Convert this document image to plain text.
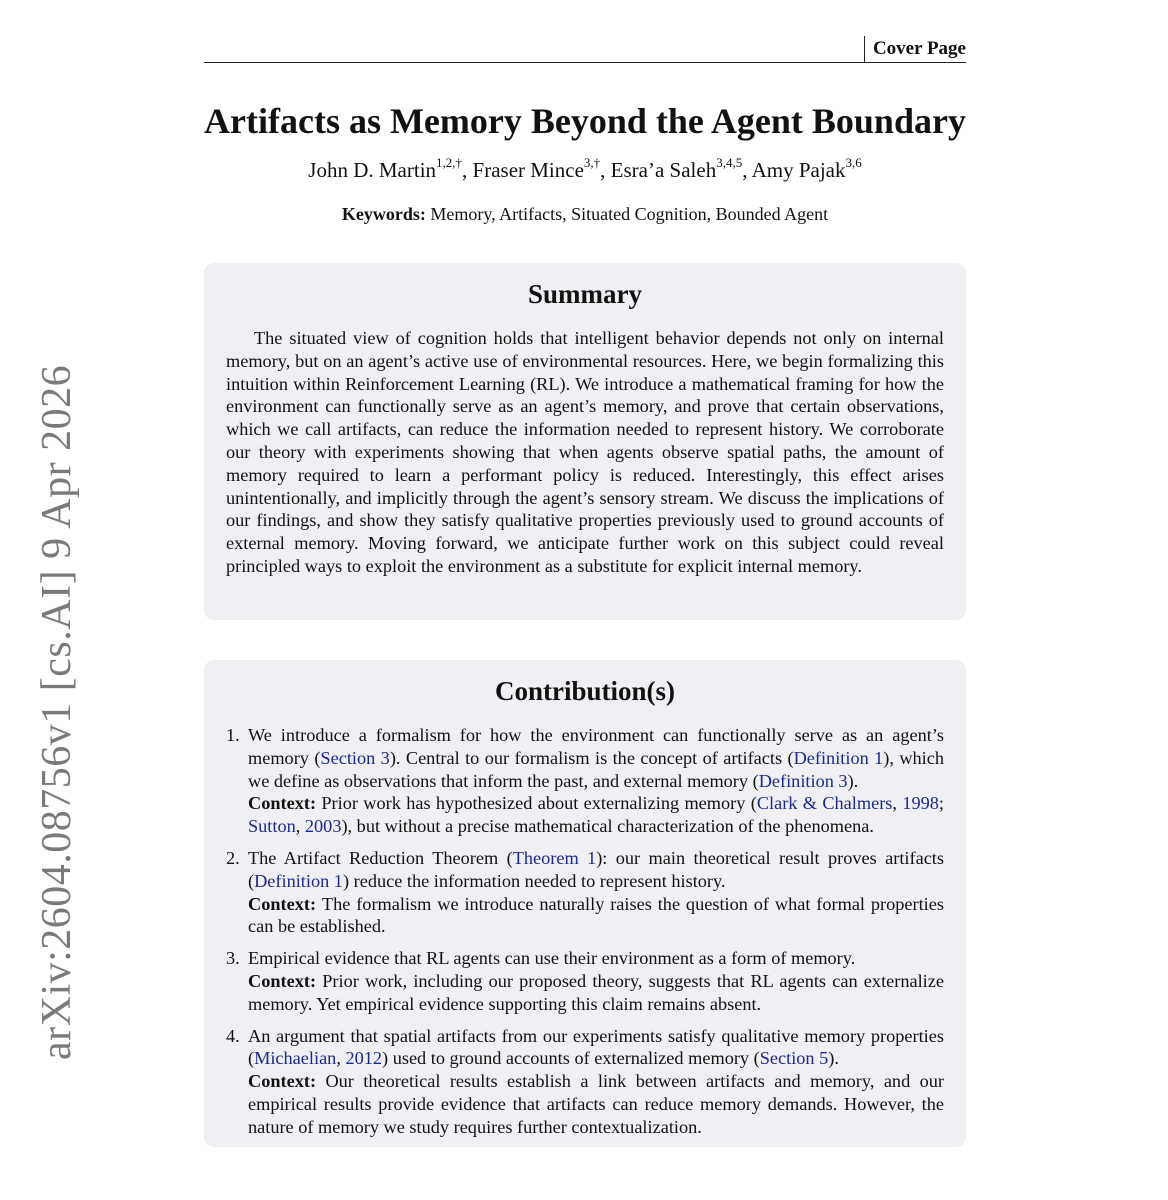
Cover Page
arXiv:2604.08756v1 [cs.AI] 9 Apr 2026
Artifacts as Memory Beyond the Agent Boundary
John D. Martin$^{1,2,\dagger}$, Fraser Mince$^{3,\dagger}$, Esra’a Saleh$^{3,4,5}$, Amy Pajak$^{3,6}$
Keywords: Memory, Artifacts, Situated Cognition, Bounded Agent
Summary

The situated view of cognition holds that intelligent behavior depends not only on internal memory, but on an agent’s active use of environmental resources. Here, we begin formalizing this intuition within Reinforcement Learning (RL). We introduce a mathematical framing for how the environment can functionally serve as an agent’s memory, and prove that certain observations, which we call artifacts, can reduce the information needed to represent history. We corroborate our theory with experiments showing that when agents observe spatial paths, the amount of memory required to learn a performant policy is reduced. Interestingly, this effect arises unintentionally, and implicitly through the agent’s sensory stream. We discuss the implications of our findings, and show they satisfy qualitative properties previously used to ground accounts of external memory. Moving forward, we anticipate further work on this subject could reveal principled ways to exploit the environment as a substitute for explicit internal memory.

Contribution(s)
1. We introduce a formalism for how the environment can functionally serve as an agent’s memory (Section 3). Central to our formalism is the concept of artifacts (Definition 1), which we define as observations that inform the past, and external memory (Definition 3).
Context: Prior work has hypothesized about externalizing memory (Clark & Chalmers, 1998; Sutton, 2003), but without a precise mathematical characterization of the phenomena.
2. The Artifact Reduction Theorem (Theorem 1): our main theoretical result proves artifacts (Definition 1) reduce the information needed to represent history.
Context: The formalism we introduce naturally raises the question of what formal properties can be established.
3. Empirical evidence that RL agents can use their environment as a form of memory.
Context: Prior work, including our proposed theory, suggests that RL agents can externalize memory. Yet empirical evidence supporting this claim remains absent.
4. An argument that spatial artifacts from our experiments satisfy qualitative memory properties (Michaelian, 2012) used to ground accounts of externalized memory (Section 5).
Context: Our theoretical results establish a link between artifacts and memory, and our empirical results provide evidence that artifacts can reduce memory demands. However, the nature of memory we study requires further contextualization.
